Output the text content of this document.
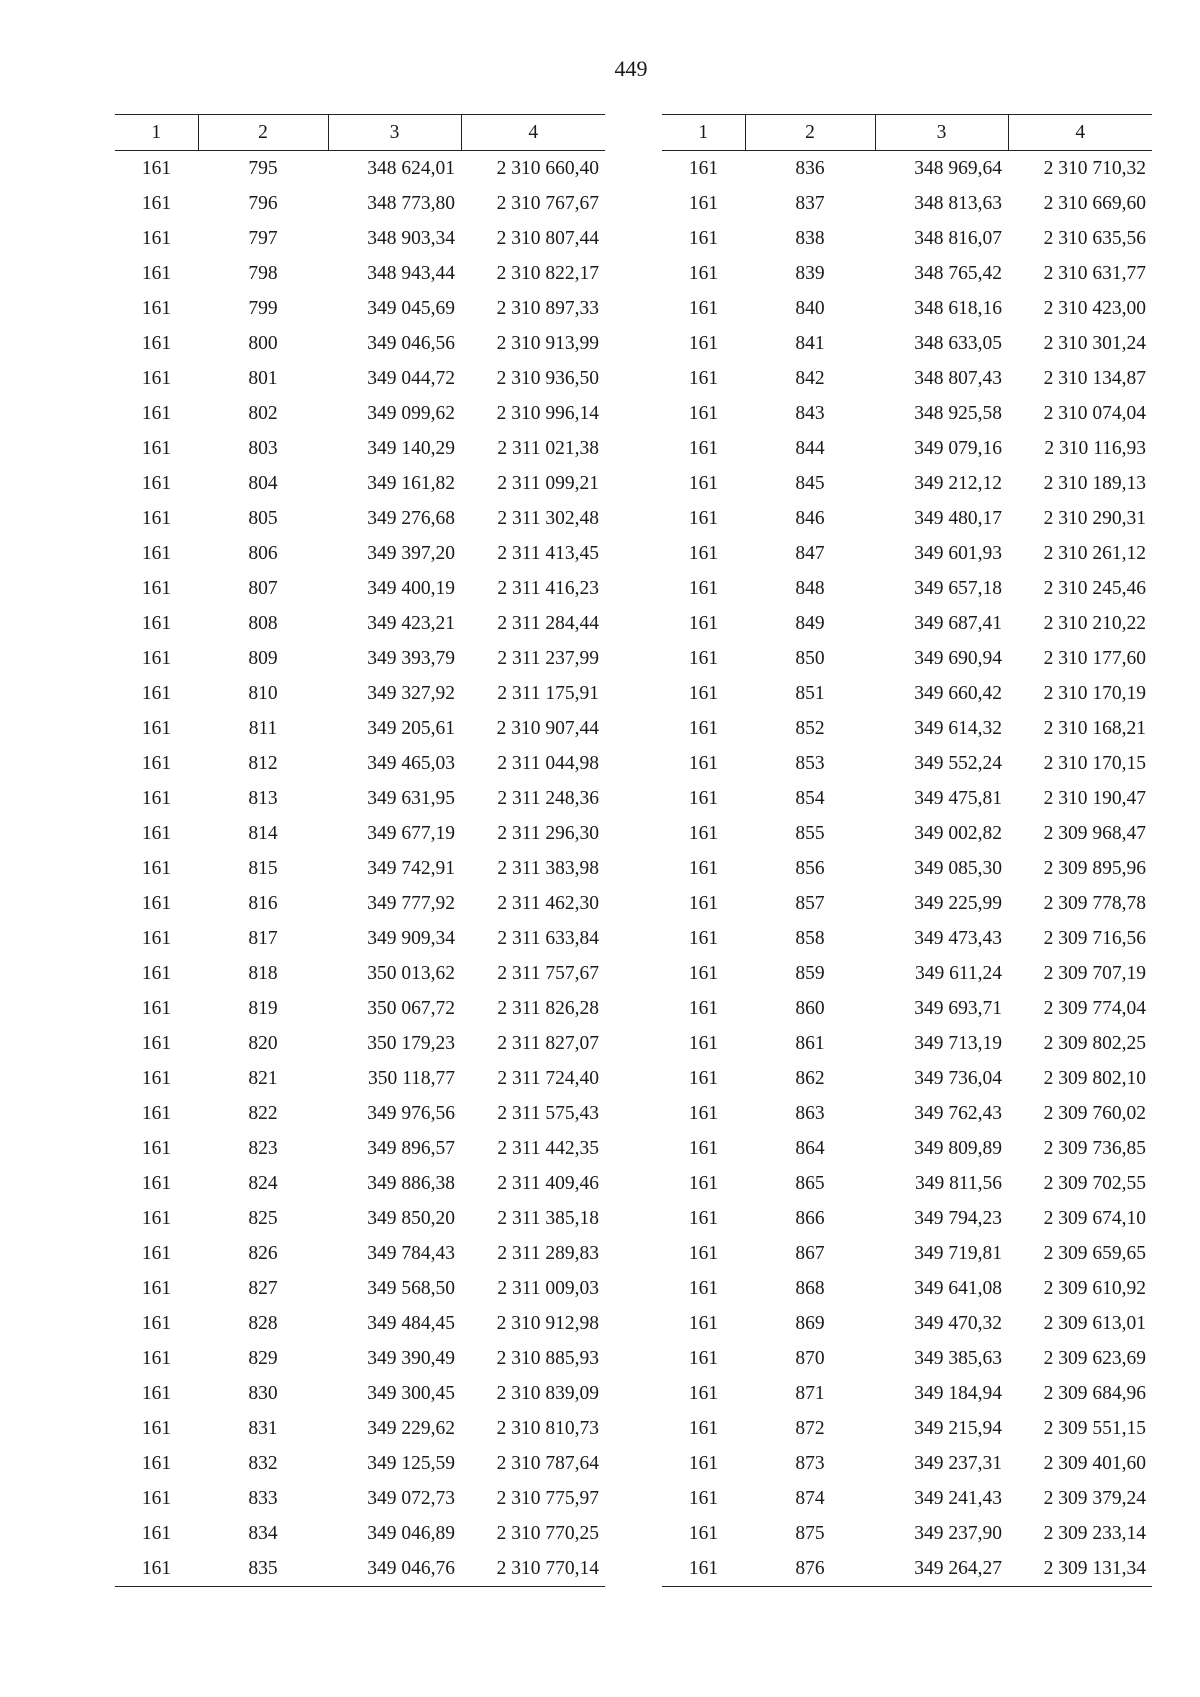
449
1	2	3	4
161	795	348 624,01	2 310 660,40
161	796	348 773,80	2 310 767,67
161	797	348 903,34	2 310 807,44
161	798	348 943,44	2 310 822,17
161	799	349 045,69	2 310 897,33
161	800	349 046,56	2 310 913,99
161	801	349 044,72	2 310 936,50
161	802	349 099,62	2 310 996,14
161	803	349 140,29	2 311 021,38
161	804	349 161,82	2 311 099,21
161	805	349 276,68	2 311 302,48
161	806	349 397,20	2 311 413,45
161	807	349 400,19	2 311 416,23
161	808	349 423,21	2 311 284,44
161	809	349 393,79	2 311 237,99
161	810	349 327,92	2 311 175,91
161	811	349 205,61	2 310 907,44
161	812	349 465,03	2 311 044,98
161	813	349 631,95	2 311 248,36
161	814	349 677,19	2 311 296,30
161	815	349 742,91	2 311 383,98
161	816	349 777,92	2 311 462,30
161	817	349 909,34	2 311 633,84
161	818	350 013,62	2 311 757,67
161	819	350 067,72	2 311 826,28
161	820	350 179,23	2 311 827,07
161	821	350 118,77	2 311 724,40
161	822	349 976,56	2 311 575,43
161	823	349 896,57	2 311 442,35
161	824	349 886,38	2 311 409,46
161	825	349 850,20	2 311 385,18
161	826	349 784,43	2 311 289,83
161	827	349 568,50	2 311 009,03
161	828	349 484,45	2 310 912,98
161	829	349 390,49	2 310 885,93
161	830	349 300,45	2 310 839,09
161	831	349 229,62	2 310 810,73
161	832	349 125,59	2 310 787,64
161	833	349 072,73	2 310 775,97
161	834	349 046,89	2 310 770,25
161	835	349 046,76	2 310 770,14
1	2	3	4
161	836	348 969,64	2 310 710,32
161	837	348 813,63	2 310 669,60
161	838	348 816,07	2 310 635,56
161	839	348 765,42	2 310 631,77
161	840	348 618,16	2 310 423,00
161	841	348 633,05	2 310 301,24
161	842	348 807,43	2 310 134,87
161	843	348 925,58	2 310 074,04
161	844	349 079,16	2 310 116,93
161	845	349 212,12	2 310 189,13
161	846	349 480,17	2 310 290,31
161	847	349 601,93	2 310 261,12
161	848	349 657,18	2 310 245,46
161	849	349 687,41	2 310 210,22
161	850	349 690,94	2 310 177,60
161	851	349 660,42	2 310 170,19
161	852	349 614,32	2 310 168,21
161	853	349 552,24	2 310 170,15
161	854	349 475,81	2 310 190,47
161	855	349 002,82	2 309 968,47
161	856	349 085,30	2 309 895,96
161	857	349 225,99	2 309 778,78
161	858	349 473,43	2 309 716,56
161	859	349 611,24	2 309 707,19
161	860	349 693,71	2 309 774,04
161	861	349 713,19	2 309 802,25
161	862	349 736,04	2 309 802,10
161	863	349 762,43	2 309 760,02
161	864	349 809,89	2 309 736,85
161	865	349 811,56	2 309 702,55
161	866	349 794,23	2 309 674,10
161	867	349 719,81	2 309 659,65
161	868	349 641,08	2 309 610,92
161	869	349 470,32	2 309 613,01
161	870	349 385,63	2 309 623,69
161	871	349 184,94	2 309 684,96
161	872	349 215,94	2 309 551,15
161	873	349 237,31	2 309 401,60
161	874	349 241,43	2 309 379,24
161	875	349 237,90	2 309 233,14
161	876	349 264,27	2 309 131,34
